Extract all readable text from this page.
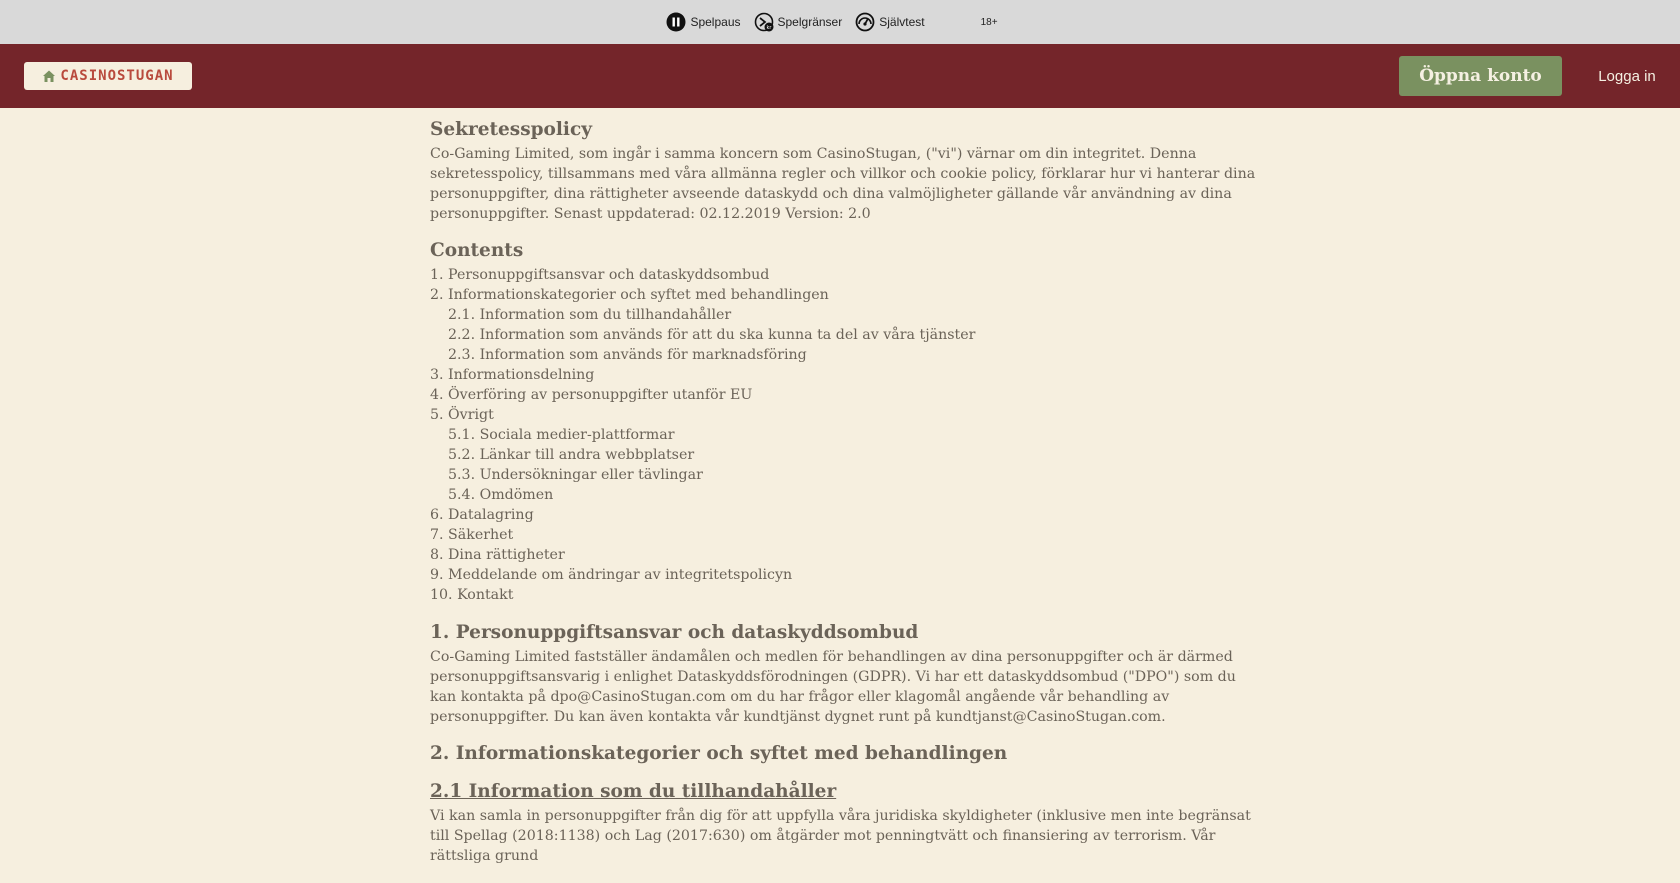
Spelpaus	kr Spelgränser	Självtest	18+
CASINOSTUGAN	Öppna konto	Logga in
Sekretesspolicy

Co-Gaming Limited, som ingår i samma koncern som CasinoStugan, ("vi") värnar om din integritet. Denna sekretesspolicy, tillsammans med våra allmänna regler och villkor och cookie policy, förklarar hur vi hanterar dina personuppgifter, dina rättigheter avseende dataskydd och dina valmöjligheter gällande vår användning av dina personuppgifter. Senast uppdaterad: 02.12.2019 Version: 2.0

Contents
1. Personuppgiftsansvar och dataskyddsombud
2. Informationskategorier och syftet med behandlingen
2.1. Information som du tillhandahåller
2.2. Information som används för att du ska kunna ta del av våra tjänster
2.3. Information som används för marknadsföring
3. Informationsdelning
4. Överföring av personuppgifter utanför EU
5. Övrigt
5.1. Sociala medier-plattformar
5.2. Länkar till andra webbplatser
5.3. Undersökningar eller tävlingar
5.4. Omdömen
6. Datalagring
7. Säkerhet
8. Dina rättigheter
9. Meddelande om ändringar av integritetspolicyn
10. Kontakt
1. Personuppgiftsansvar och dataskyddsombud

Co-Gaming Limited fastställer ändamålen och medlen för behandlingen av dina personuppgifter och är därmed personuppgiftsansvarig i enlighet Dataskyddsförodningen (GDPR). Vi har ett dataskyddsombud ("DPO") som du kan kontakta på dpo@CasinoStugan.com om du har frågor eller klagomål angående vår behandling av personuppgifter. Du kan även kontakta vår kundtjänst dygnet runt på kundtjanst@CasinoStugan.com.

2. Informationskategorier och syftet med behandlingen
2.1 Information som du tillhandahåller

Vi kan samla in personuppgifter från dig för att uppfylla våra juridiska skyldigheter (inklusive men inte begränsat till Spellag (2018:1138) och Lag (2017:630) om åtgärder mot penningtvätt och finansiering av terrorism. Vår rättsliga grund
